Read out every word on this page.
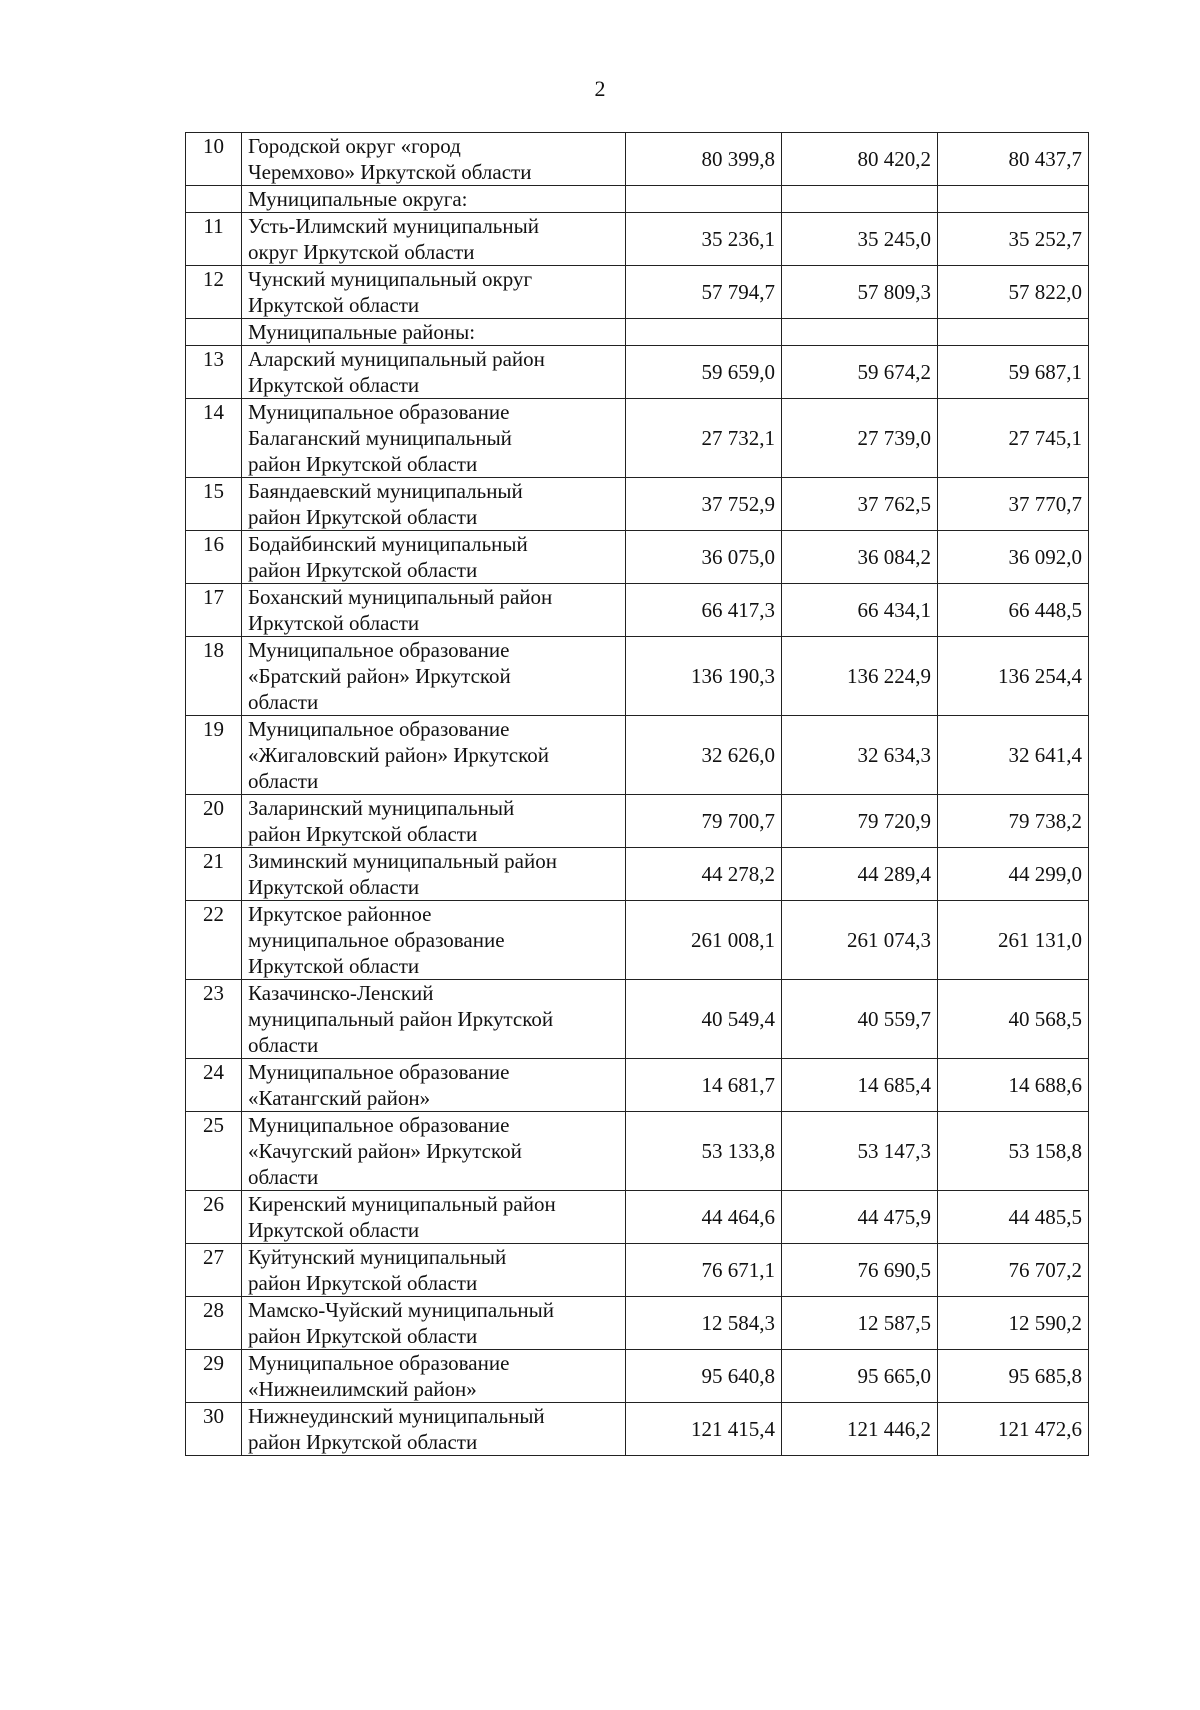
2
10	Городской округ «город
Черемхово» Иркутской области	80 399,8	80 420,2	80 437,7

	Муниципальные округа:			

11	Усть-Илимский муниципальный
округ Иркутской области	35 236,1	35 245,0	35 252,7
12	Чунский муниципальный округ
Иркутской области	57 794,7	57 809,3	57 822,0

	Муниципальные районы:			

13	Аларский муниципальный район
Иркутской области	59 659,0	59 674,2	59 687,1
14	Муниципальное образование
Балаганский муниципальный
район Иркутской области	27 732,1	27 739,0	27 745,1
15	Баяндаевский муниципальный
район Иркутской области	37 752,9	37 762,5	37 770,7
16	Бодайбинский муниципальный
район Иркутской области	36 075,0	36 084,2	36 092,0
17	Боханский муниципальный район
Иркутской области	66 417,3	66 434,1	66 448,5
18	Муниципальное образование
«Братский район» Иркутской
области	136 190,3	136 224,9	136 254,4
19	Муниципальное образование
«Жигаловский район» Иркутской
области	32 626,0	32 634,3	32 641,4
20	Заларинский муниципальный
район Иркутской области	79 700,7	79 720,9	79 738,2
21	Зиминский муниципальный район
Иркутской области	44 278,2	44 289,4	44 299,0
22	Иркутское районное
муниципальное образование
Иркутской области	261 008,1	261 074,3	261 131,0
23	Казачинско-Ленский
муниципальный район Иркутской
области	40 549,4	40 559,7	40 568,5
24	Муниципальное образование
«Катангский район»	14 681,7	14 685,4	14 688,6
25	Муниципальное образование
«Качугский район» Иркутской
области	53 133,8	53 147,3	53 158,8
26	Киренский муниципальный район
Иркутской области	44 464,6	44 475,9	44 485,5
27	Куйтунский муниципальный
район Иркутской области	76 671,1	76 690,5	76 707,2
28	Мамско-Чуйский муниципальный
район Иркутской области	12 584,3	12 587,5	12 590,2
29	Муниципальное образование
«Нижнеилимский район»	95 640,8	95 665,0	95 685,8
30	Нижнеудинский муниципальный
район Иркутской области	121 415,4	121 446,2	121 472,6
